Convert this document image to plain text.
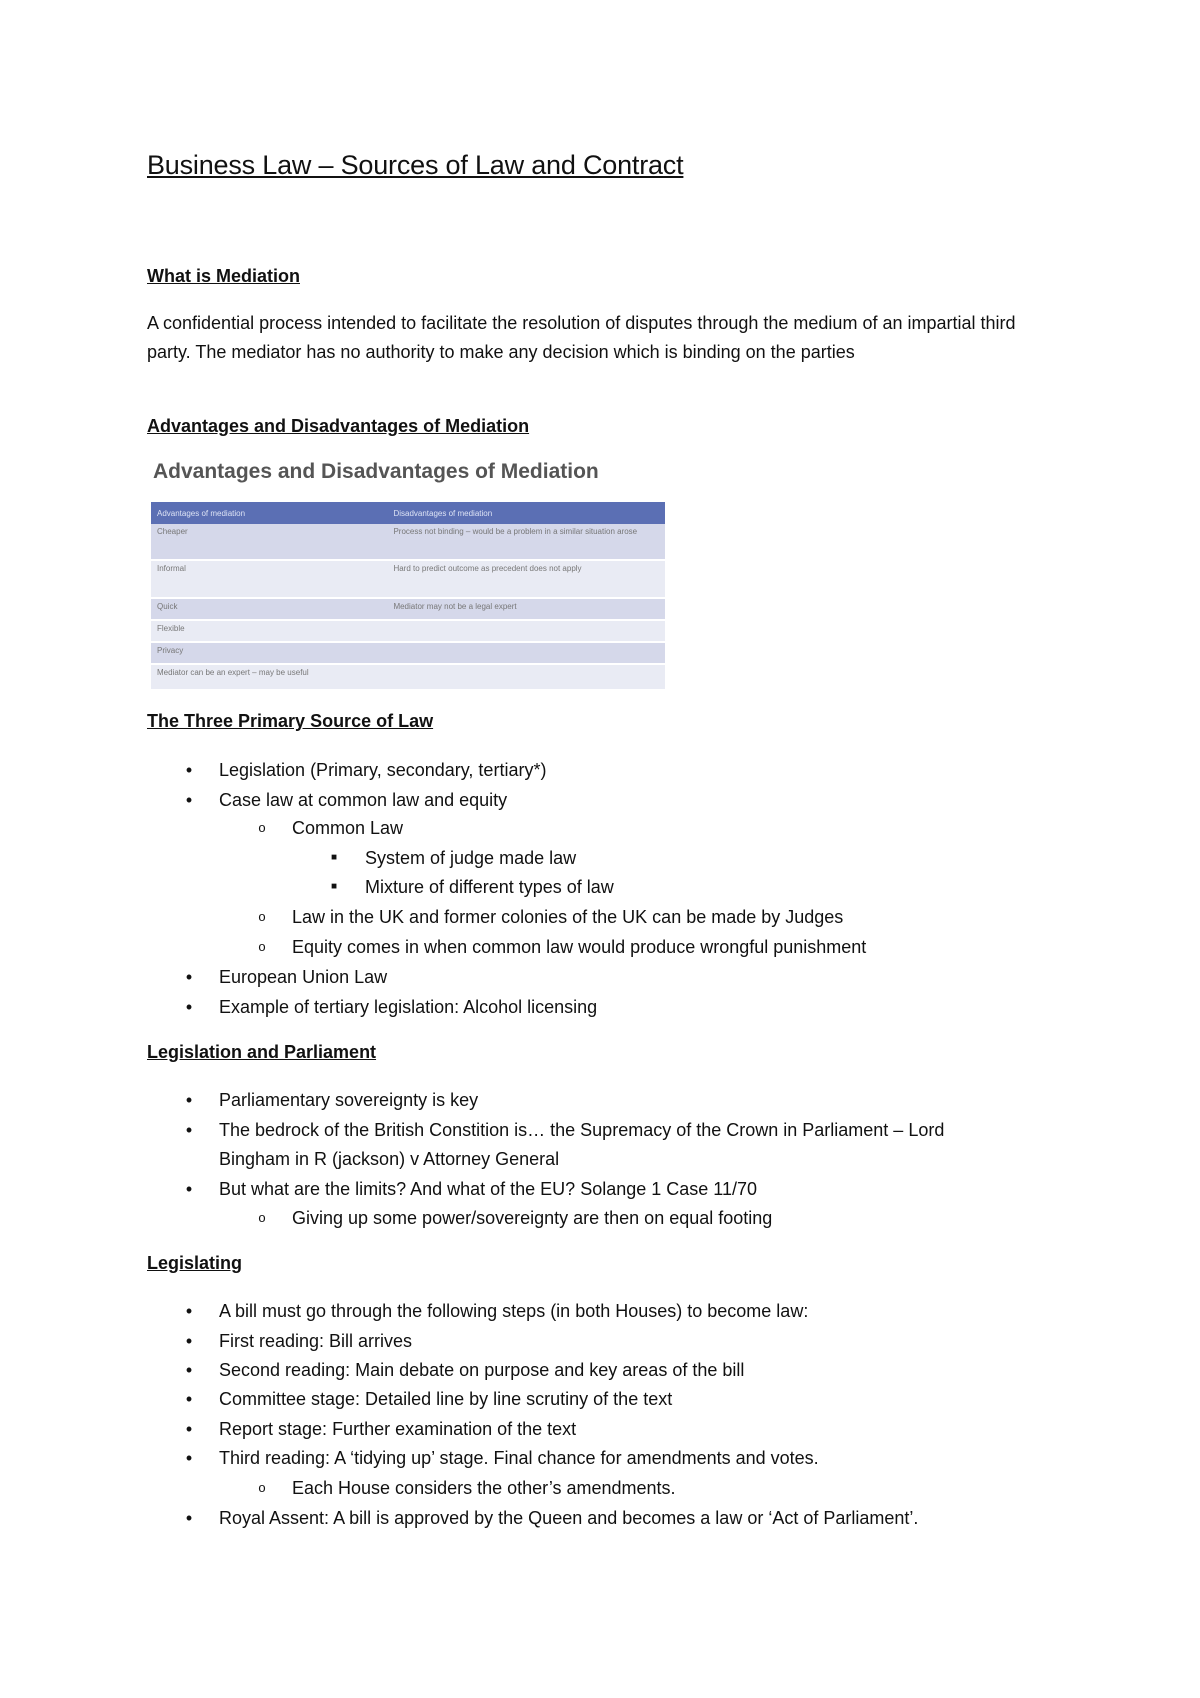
Business Law – Sources of Law and Contract
What is Mediation

A confidential process intended to facilitate the resolution of disputes through the medium of an impartial third party. The mediator has no authority to make any decision which is binding on the parties

Advantages and Disadvantages of Mediation
Advantages and Disadvantages of Mediation
Advantages of mediation	Disadvantages of mediation
Cheaper	Process not binding – would be a problem in a similar situation arose
Informal	Hard to predict outcome as precedent does not apply
Quick	Mediator may not be a legal expert
Flexible	
Privacy	
Mediator can be an expert – may be useful	
The Three Primary Source of Law
•	Legislation (Primary, secondary, tertiary*)
•	Case law at common law and equity
o	Common Law
■	System of judge made law
■	Mixture of different types of law
o	Law in the UK and former colonies of the UK can be made by Judges
o	Equity comes in when common law would produce wrongful punishment
•	European Union Law
•	Example of tertiary legislation: Alcohol licensing
Legislation and Parliament
•	Parliamentary sovereignty is key
•	The bedrock of the British Constition is… the Supremacy of the Crown in Parliament – Lord
Bingham in R (jackson) v Attorney General
•	But what are the limits? And what of the EU? Solange 1 Case 11/70
o	Giving up some power/sovereignty are then on equal footing
Legislating
•	A bill must go through the following steps (in both Houses) to become law:
•	First reading: Bill arrives
•	Second reading: Main debate on purpose and key areas of the bill
•	Committee stage: Detailed line by line scrutiny of the text
•	Report stage: Further examination of the text
•	Third reading: A ‘tidying up’ stage. Final chance for amendments and votes.
o	Each House considers the other’s amendments.
•	Royal Assent: A bill is approved by the Queen and becomes a law or ‘Act of Parliament’.
